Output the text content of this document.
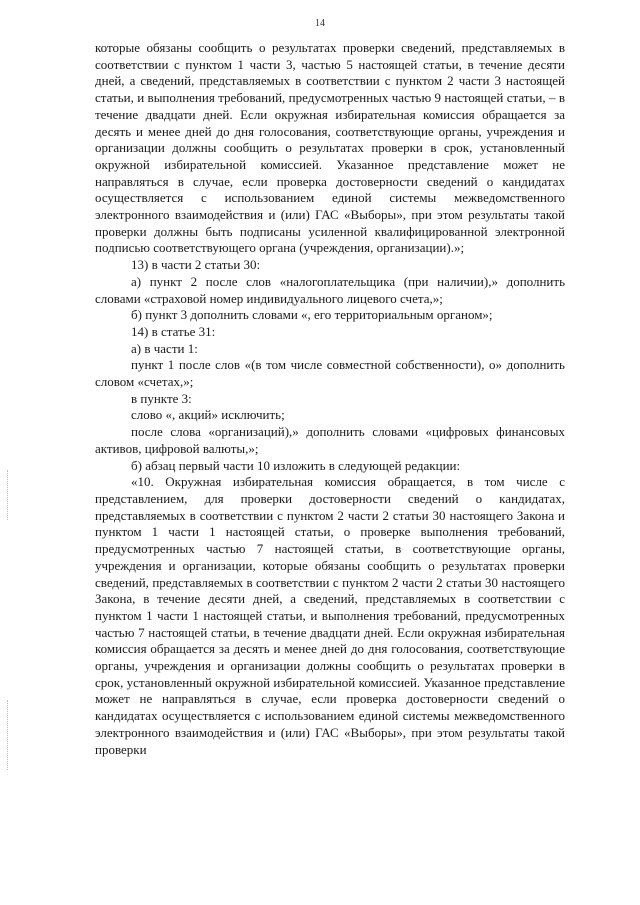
14

которые обязаны сообщить о результатах проверки сведений, представляемых в соответствии с пунктом 1 части 3, частью 5 настоящей статьи, в течение десяти дней, а сведений, представляемых в соответствии с пунктом 2 части 3 настоящей статьи, и выполнения требований, предусмотренных частью 9 настоящей статьи, – в течение двадцати дней. Если окружная избирательная комиссия обращается за десять и менее дней до дня голосования, соответствующие органы, учреждения и организации должны сообщить о результатах проверки в срок, установленный окружной избирательной комиссией. Указанное представление может не направляться в случае, если проверка достоверности сведений о кандидатах осуществляется с использованием единой системы межведомственного электронного взаимодействия и (или) ГАС «Выборы», при этом результаты такой проверки должны быть подписаны усиленной квалифицированной электронной подписью соответствующего органа (учреждения, организации).»;

13) в части 2 статьи 30:

а) пункт 2 после слов «налогоплательщика (при наличии),» дополнить словами «страховой номер индивидуального лицевого счета,»;

б) пункт 3 дополнить словами «, его территориальным органом»;

14) в статье 31:

а) в части 1:

пункт 1 после слов «(в том числе совместной собственности), о» дополнить словом «счетах,»;

в пункте 3:

слово «, акций» исключить;

после слова «организаций),» дополнить словами «цифровых финансовых активов, цифровой валюты,»;

б) абзац первый части 10 изложить в следующей редакции:

«10. Окружная избирательная комиссия обращается, в том числе с представлением, для проверки достоверности сведений о кандидатах, представляемых в соответствии с пунктом 2 части 2 статьи 30 настоящего Закона и пунктом 1 части 1 настоящей статьи, о проверке выполнения требований, предусмотренных частью 7 настоящей статьи, в соответствующие органы, учреждения и организации, которые обязаны сообщить о результатах проверки сведений, представляемых в соответствии с пунктом 2 части 2 статьи 30 настоящего Закона, в течение десяти дней, а сведений, представляемых в соответствии с пунктом 1 части 1 настоящей статьи, и выполнения требований, предусмотренных частью 7 настоящей статьи, в течение двадцати дней. Если окружная избирательная комиссия обращается за десять и менее дней до дня голосования, соответствующие органы, учреждения и организации должны сообщить о результатах проверки в срок, установленный окружной избирательной комиссией. Указанное представление может не направляться в случае, если проверка достоверности сведений о кандидатах осуществляется с использованием единой системы межведомственного электронного взаимодействия и (или) ГАС «Выборы», при этом результаты такой проверки
